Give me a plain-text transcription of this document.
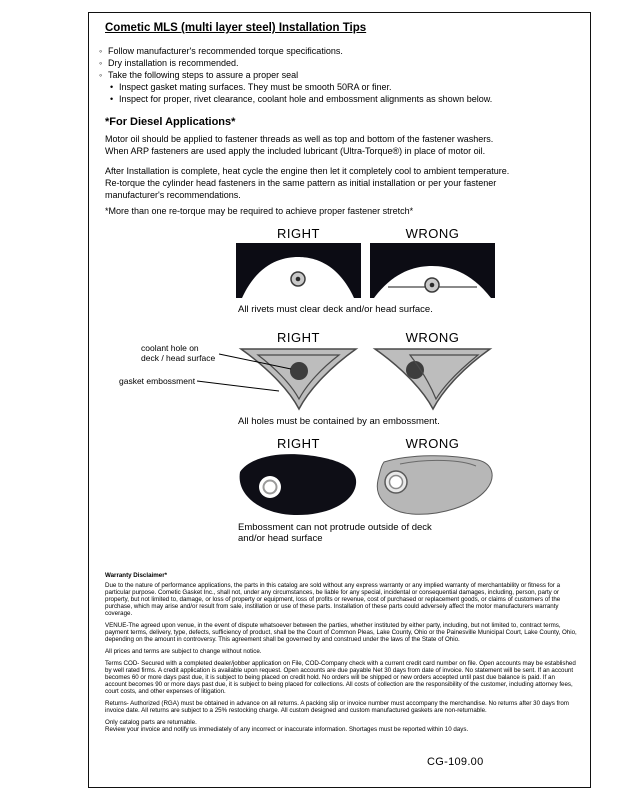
Cometic MLS (multi layer steel) Installation Tips
◦ Follow manufacturer's recommended torque specifications.
◦ Dry installation is recommended.
◦ Take the following steps to assure a proper seal
• Inspect gasket mating surfaces. They must be smooth 50RA or finer.
• Inspect for proper, rivet clearance, coolant hole and embossment alignments as shown below.
*For Diesel Applications*
Motor oil should be applied to fastener threads as well as top and bottom of the fastener washers. When ARP fasteners are used apply the included lubricant (Ultra-Torque®) in place of motor oil.
After Installation is complete, heat cycle the engine then let it completely cool to ambient temperature. Re-torque the cylinder head fasteners in the same pattern as initial installation or per your fastener manufacturer's recommendations.
*More than one re-torque may be required to achieve proper fastener stretch*
RIGHT	WRONG
All rivets must clear deck and/or head surface.
RIGHT	WRONG
coolant hole on
deck / head surface
gasket embossment
All holes must be contained by an embossment.
RIGHT	WRONG
Embossment can not protrude outside of deck and/or head surface

Warranty Disclaimer*

Due to the nature of performance applications, the parts in this catalog are sold without any express warranty or any implied warranty of merchantability or fitness for a particular purpose. Cometic Gasket Inc., shall not, under any circumstances, be liable for any special, incidental or consequential damages, including, person, party or property, but not limited to, damage, or loss of property or equipment, loss of profits or revenue, cost of purchased or replacement goods, or claims of customers of the purchase, which may arise and/or result from sale, instillation or use of these parts. Installation of these parts could adversely affect the motor manufacturers warranty coverage.

VENUE-The agreed upon venue, in the event of dispute whatsoever between the parties, whether instituted by either party, including, but not limited to, contract terms, payment terms, delivery, type, defects, sufficiency of product, shall be the Court of Common Pleas, Lake County, Ohio or the Painesville Municipal Court, Lake County, Ohio, depending on the amount in controversy. This agreement shall be governed by and construed under the laws of the State of Ohio.

All prices and terms are subject to change without notice.

Terms COD- Secured with a completed dealer/jobber application on File, COD-Company check with a current credit card number on file. Open accounts may be established by well rated firms. A credit application is available upon request. Open accounts are due payable Net 30 days from date of invoice. No statement will be sent. If an account becomes 60 or more days past due, it is subject to being placed on credit hold. No orders will be shipped or new orders accepted until past due balance is paid. If an account becomes 90 or more days past due, it is subject to being placed for collections. All costs of collection are the responsibility of the customer, including attorney fees, court costs, and other expenses of litigation.

Returns- Authorized (RGA) must be obtained in advance on all returns. A packing slip or invoice number must accompany the merchandise. No returns after 30 days from invoice date. All returns are subject to a 25% restocking charge. All custom designed and custom manufactured gaskets are non-returnable.

Only catalog parts are returnable.

Review your invoice and notify us immediately of any incorrect or inaccurate information. Shortages must be reported within 10 days.

CG-109.00
